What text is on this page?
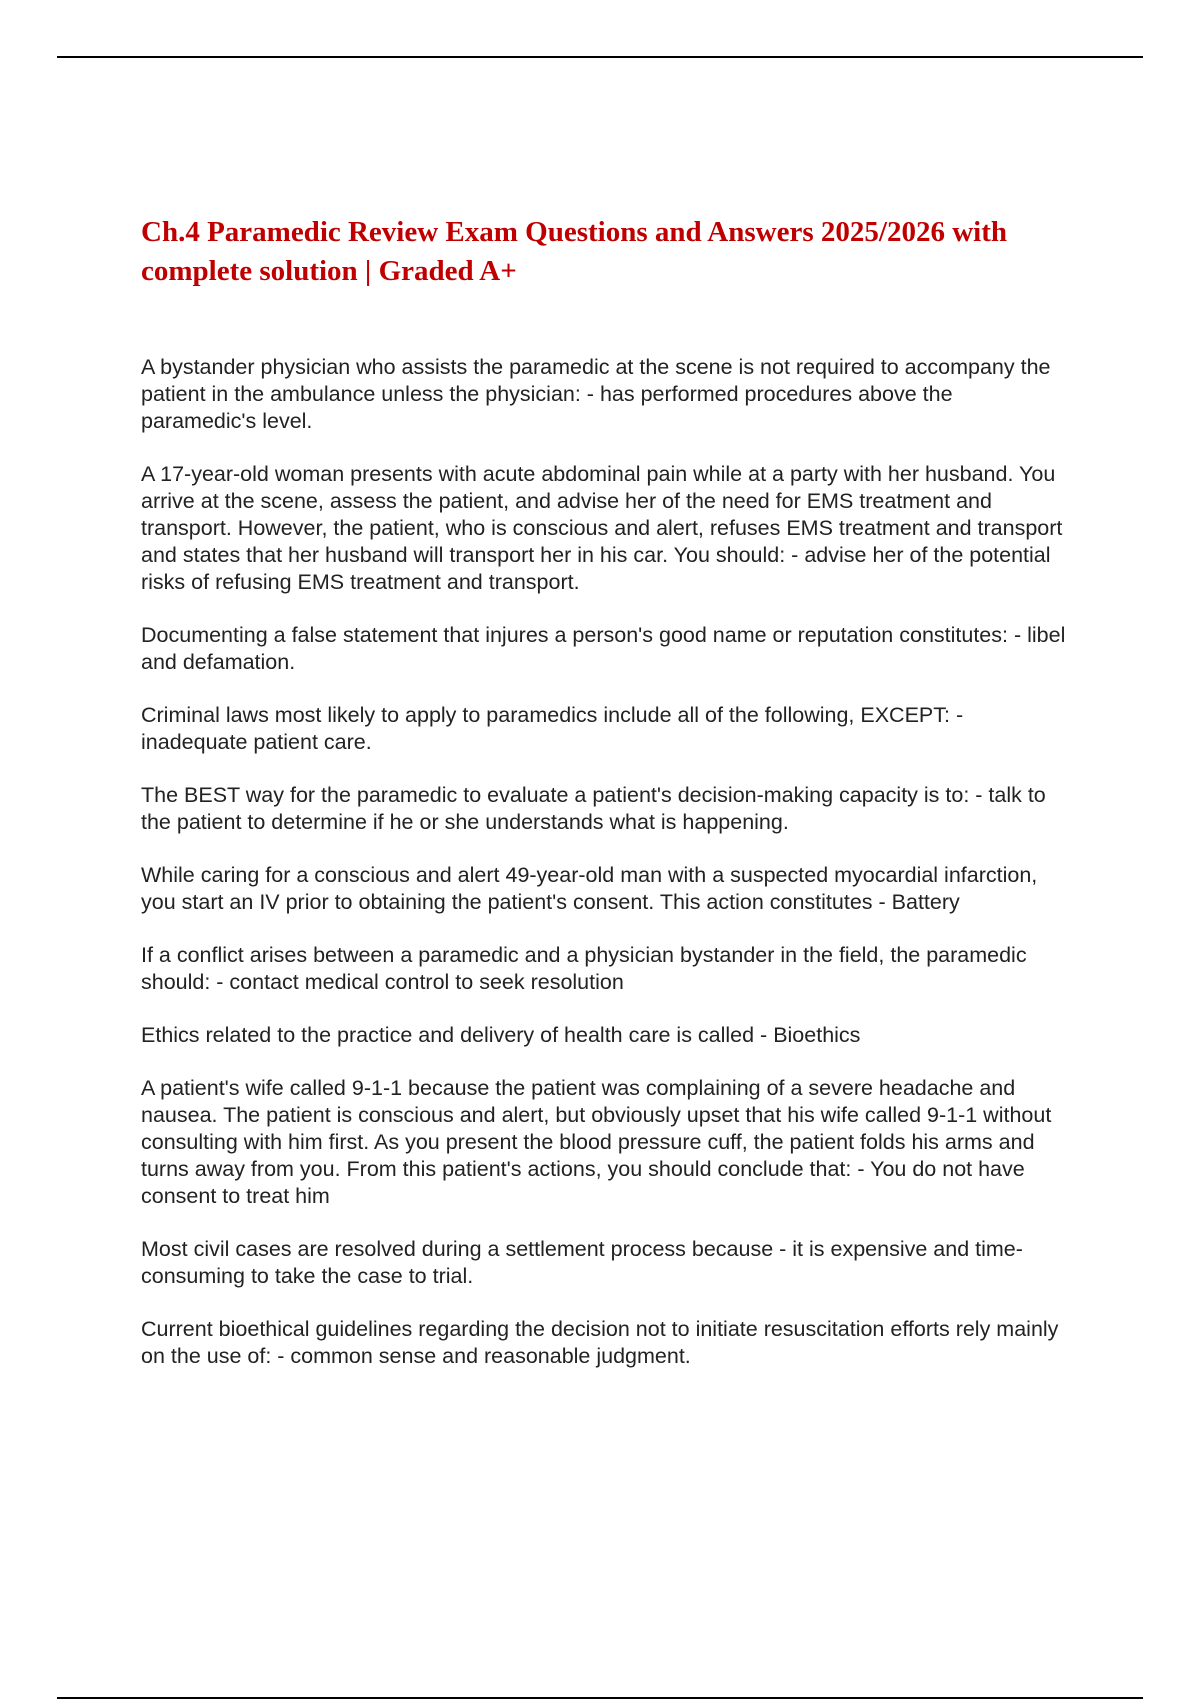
Ch.4 Paramedic Review Exam Questions and Answers 2025/2026 with complete solution | Graded A+

A bystander physician who assists the paramedic at the scene is not required to accompany the patient in the ambulance unless the physician: - has performed procedures above the paramedic's level.

A 17-year-old woman presents with acute abdominal pain while at a party with her husband. You arrive at the scene, assess the patient, and advise her of the need for EMS treatment and transport. However, the patient, who is conscious and alert, refuses EMS treatment and transport and states that her husband will transport her in his car. You should: - advise her of the potential risks of refusing EMS treatment and transport.

Documenting a false statement that injures a person's good name or reputation constitutes: - libel and defamation.

Criminal laws most likely to apply to paramedics include all of the following, EXCEPT: - inadequate patient care.

The BEST way for the paramedic to evaluate a patient's decision-making capacity is to: - talk to the patient to determine if he or she understands what is happening.

While caring for a conscious and alert 49-year-old man with a suspected myocardial infarction, you start an IV prior to obtaining the patient's consent. This action constitutes - Battery

If a conflict arises between a paramedic and a physician bystander in the field, the paramedic should: - contact medical control to seek resolution

Ethics related to the practice and delivery of health care is called - Bioethics

A patient's wife called 9-1-1 because the patient was complaining of a severe headache and nausea. The patient is conscious and alert, but obviously upset that his wife called 9-1-1 without consulting with him first. As you present the blood pressure cuff, the patient folds his arms and turns away from you. From this patient's actions, you should conclude that: - You do not have consent to treat him

Most civil cases are resolved during a settlement process because - it is expensive and time-consuming to take the case to trial.

Current bioethical guidelines regarding the decision not to initiate resuscitation efforts rely mainly on the use of: - common sense and reasonable judgment.
